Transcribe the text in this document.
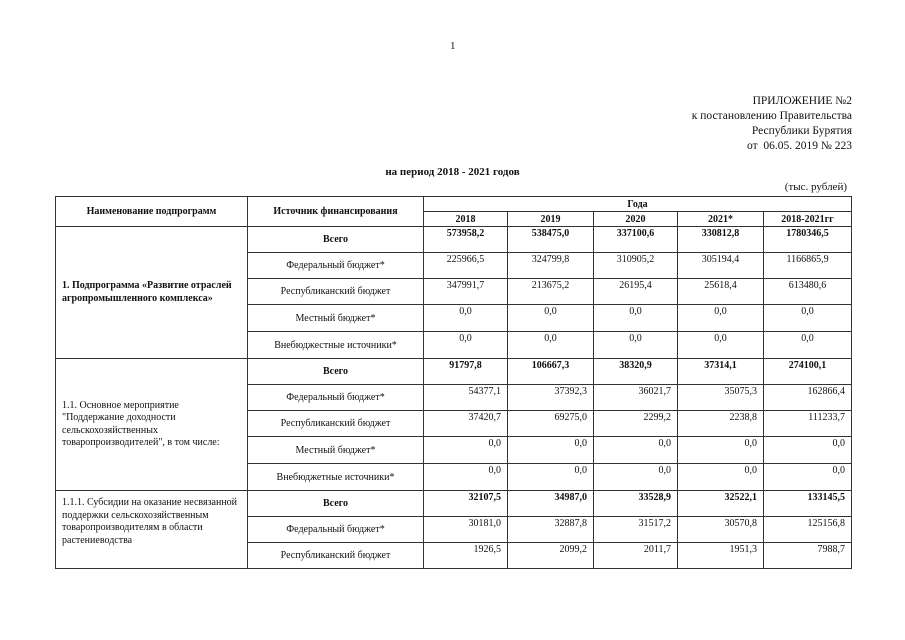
1
ПРИЛОЖЕНИЕ №2
к постановлению Правительства
Республики Бурятия
от  06.05. 2019 № 223
на период 2018 - 2021 годов
(тыс. рублей)
Наименование подпрограмм	Источник финансирования	Года				
		2018	2019	2020	2021*	2018-2021гг
1. Подпрограмма «Развитие отраслей агропромышленного комплекса»	Всего	573958,2	538475,0	337100,6	330812,8	1780346,5
	Федеральный бюджет*	225966,5	324799,8	310905,2	305194,4	1166865,9
	Республиканский бюджет	347991,7	213675,2	26195,4	25618,4	613480,6
	Местный бюджет*	0,0	0,0	0,0	0,0	0,0
	Внебюджестные источники*	0,0	0,0	0,0	0,0	0,0
1.1. Основное мероприятие "Поддержание доходности сельскохозяйственных товаропроизводителей", в том числе:	Всего	91797,8	106667,3	38320,9	37314,1	274100,1
	Федеральный бюджет*	54377,1	37392,3	36021,7	35075,3	162866,4
	Республиканский бюджет	37420,7	69275,0	2299,2	2238,8	111233,7
	Местный бюджет*	0,0	0,0	0,0	0,0	0,0
	Внебюджетные источники*	0,0	0,0	0,0	0,0	0,0
1.1.1. Субсидии на оказание несвязанной поддержки сельскохозяйственным товаропроизводителям в области растениеводства	Всего	32107,5	34987,0	33528,9	32522,1	133145,5
	Федеральный бюджет*	30181,0	32887,8	31517,2	30570,8	125156,8
	Республиканский бюджет	1926,5	2099,2	2011,7	1951,3	7988,7
